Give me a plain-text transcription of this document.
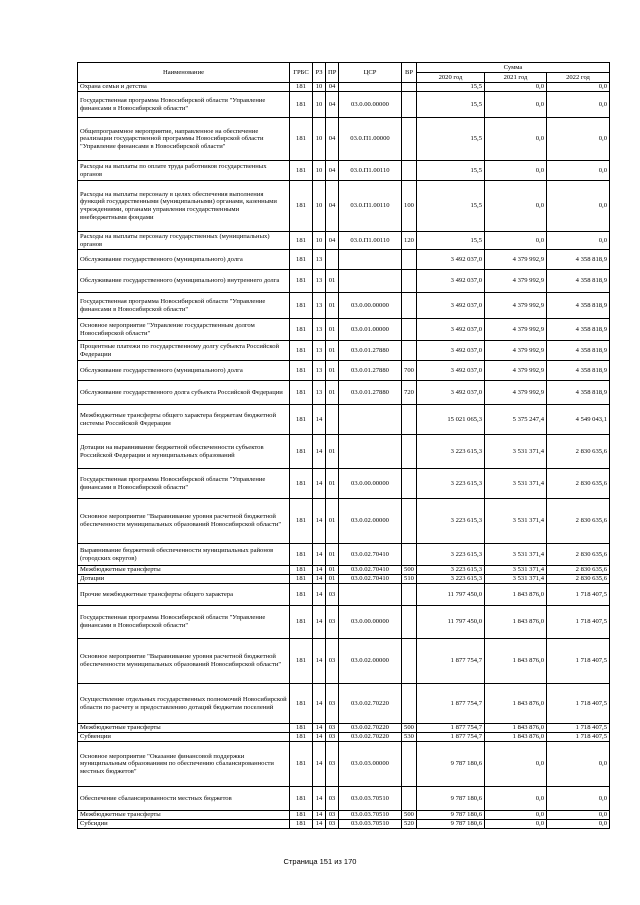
Наименование	ГРБС	РЗ	ПР	ЦСР	ВР	Сумма		
						2020 год	2021 год	2022 год
Охрана семьи и детства	181	10	04			15,5	0,0	0,0
Государственная программа Новосибирской области "Управление финансами в Новосибирской области"	181	10	04	03.0.00.00000		15,5	0,0	0,0
Общепрограммное мероприятие, направленное на обеспечение реализации государственной программы Новосибирской области "Управление финансами в Новосибирской области"	181	10	04	03.0.П1.00000		15,5	0,0	0,0
Расходы на выплаты по оплате труда работников государственных органов	181	10	04	03.0.П1.00110		15,5	0,0	0,0
Расходы на выплаты персоналу в целях обеспечения выполнения функций государственными (муниципальными) органами, казенными учреждениями, органами управления государственными внебюджетными фондами	181	10	04	03.0.П1.00110	100	15,5	0,0	0,0
Расходы на выплаты персоналу государственных (муниципальных) органов	181	10	04	03.0.П1.00110	120	15,5	0,0	0,0
Обслуживание государственного (муниципального) долга	181	13				3 492 037,0	4 379 992,9	4 358 818,9
Обслуживание государственного (муниципального) внутреннего долга	181	13	01			3 492 037,0	4 379 992,9	4 358 818,9
Государственная программа Новосибирской области "Управление финансами в Новосибирской области"	181	13	01	03.0.00.00000		3 492 037,0	4 379 992,9	4 358 818,9
Основное мероприятие "Управление государственным долгом Новосибирской области"	181	13	01	03.0.01.00000		3 492 037,0	4 379 992,9	4 358 818,9
Процентные платежи по государственному долгу субъекта Российской Федерации	181	13	01	03.0.01.27880		3 492 037,0	4 379 992,9	4 358 818,9
Обслуживание государственного (муниципального) долга	181	13	01	03.0.01.27880	700	3 492 037,0	4 379 992,9	4 358 818,9
Обслуживание государственного долга субъекта Российской Федерации	181	13	01	03.0.01.27880	720	3 492 037,0	4 379 992,9	4 358 818,9
Межбюджетные трансферты общего характера бюджетам бюджетной системы Российской Федерации	181	14				15 021 065,3	5 375 247,4	4 549 043,1
Дотации на выравнивание бюджетной обеспеченности субъектов Российской Федерации и муниципальных образований	181	14	01			3 223 615,3	3 531 371,4	2 830 635,6
Государственная программа Новосибирской области "Управление финансами в Новосибирской области"	181	14	01	03.0.00.00000		3 223 615,3	3 531 371,4	2 830 635,6
Основное мероприятие "Выравнивание уровня расчетной бюджетной обеспеченности муниципальных образований Новосибирской области"	181	14	01	03.0.02.00000		3 223 615,3	3 531 371,4	2 830 635,6
Выравнивание бюджетной обеспеченности муниципальных районов (городских округов)	181	14	01	03.0.02.70410		3 223 615,3	3 531 371,4	2 830 635,6
Межбюджетные трансферты	181	14	01	03.0.02.70410	500	3 223 615,3	3 531 371,4	2 830 635,6
Дотации	181	14	01	03.0.02.70410	510	3 223 615,3	3 531 371,4	2 830 635,6
Прочие межбюджетные трансферты общего характера	181	14	03			11 797 450,0	1 843 876,0	1 718 407,5
Государственная программа Новосибирской области "Управление финансами в Новосибирской области"	181	14	03	03.0.00.00000		11 797 450,0	1 843 876,0	1 718 407,5
Основное мероприятие "Выравнивание уровня расчетной бюджетной обеспеченности муниципальных образований Новосибирской области"	181	14	03	03.0.02.00000		1 877 754,7	1 843 876,0	1 718 407,5
Осуществление отдельных государственных полномочий Новосибирской области по расчету и предоставлению дотаций бюджетам поселений	181	14	03	03.0.02.70220		1 877 754,7	1 843 876,0	1 718 407,5
Межбюджетные трансферты	181	14	03	03.0.02.70220	500	1 877 754,7	1 843 876,0	1 718 407,5
Субвенции	181	14	03	03.0.02.70220	530	1 877 754,7	1 843 876,0	1 718 407,5
Основное мероприятие "Оказание финансовой поддержки муниципальным образованиям по обеспечению сбалансированности местных бюджетов"	181	14	03	03.0.03.00000		9 787 180,6	0,0	0,0
Обеспечение сбалансированности местных бюджетов	181	14	03	03.0.03.70510		9 787 180,6	0,0	0,0
Межбюджетные трансферты	181	14	03	03.0.03.70510	500	9 787 180,6	0,0	0,0
Субсидии	181	14	03	03.0.03.70510	520	9 787 180,6	0,0	0,0
Страница 151 из 170
